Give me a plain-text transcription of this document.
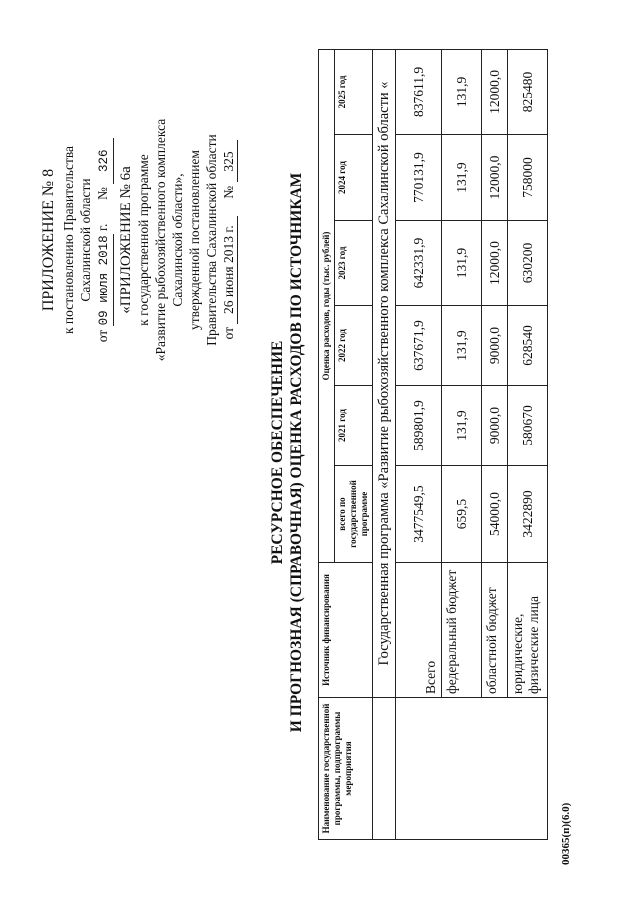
ПРИЛОЖЕНИЕ № 8 к постановлению Правительства Сахалинской области
от 09 июля 2018 г.       № 326
«ПРИЛОЖЕНИЕ № 6а к государственной программе «Развитие рыбохозяйственного комплекса Сахалинской области», утвержденной постановлением Правительства Сахалинской области от 26 июня 2013 г.     № 325
РЕСУРСНОЕ ОБЕСПЕЧЕНИЕ И ПРОГНОЗНАЯ (СПРАВОЧНАЯ) ОЦЕНКА РАСХОДОВ ПО ИСТОЧНИКАМ
Наименование государственной программы, подпрограммы мероприятия	Источник финансирования	Оценка расходов, годы (тыс. рублей)					
		всего по государственной программе	2021 год	2022 год	2023 год	2024 год	2025 год
	Государственная программа «Развитие рыбохозяйственного комплекса Сахалинской области «						
	Всего	3477549,5	589801,9	637671,9	642331,9	770131,9	837611,9
	федеральный бюджет	659,5	131,9	131,9	131,9	131,9	131,9
	областной бюджет	54000,0	9000,0	9000,0	12000,0	12000,0	12000,0
	юридические, физические лица	3422890	580670	628540	630200	758000	825480
00365(п)(6.0)
